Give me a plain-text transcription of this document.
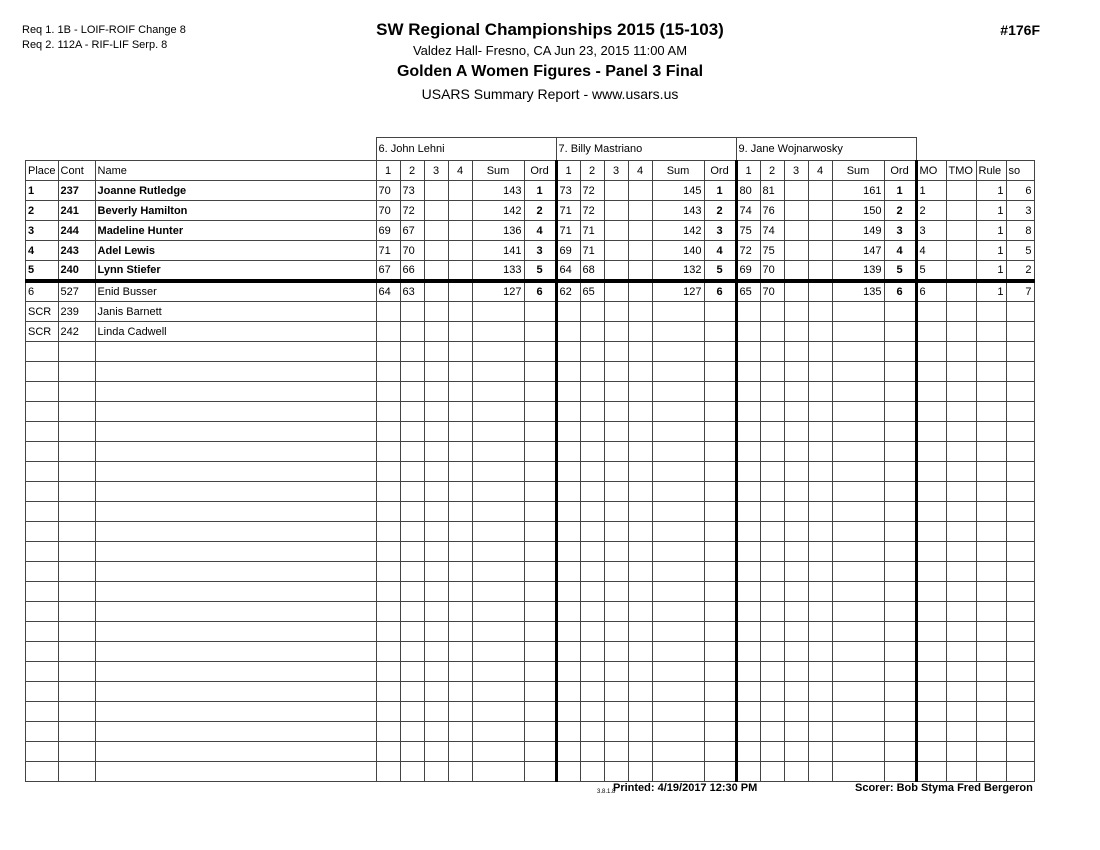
Req 1. 1B - LOIF-ROIF Change 8
Req 2. 112A - RIF-LIF Serp. 8
SW Regional Championships 2015 (15-103)
Valdez Hall- Fresno, CA Jun 23, 2015 11:00 AM
Golden A Women Figures - Panel 3 Final
USARS Summary Report - www.usars.us
#176F
			6. John Lehni						7. Billy Mastriano						9. Jane Wojnarwosky									
Place	Cont	Name	1	2	3	4	Sum	Ord	1	2	3	4	Sum	Ord	1	2	3	4	Sum	Ord	MO	TMO	Rule	so
1	237	Joanne Rutledge	70	73			143	1	73	72			145	1	80	81			161	1	1		1	6
2	241	Beverly Hamilton	70	72			142	2	71	72			143	2	74	76			150	2	2		1	3
3	244	Madeline Hunter	69	67			136	4	71	71			142	3	75	74			149	3	3		1	8
4	243	Adel Lewis	71	70			141	3	69	71			140	4	72	75			147	4	4		1	5
5	240	Lynn Stiefer	67	66			133	5	64	68			132	5	69	70			139	5	5		1	2
6	527	Enid Busser	64	63			127	6	62	65			127	6	65	70			135	6	6		1	7
SCR	239	Janis Barnett																						
SCR	242	Linda Cadwell																						

3.8.1.8
Printed: 4/19/2017 12:30 PM	Scorer: Bob Styma Fred Bergeron
